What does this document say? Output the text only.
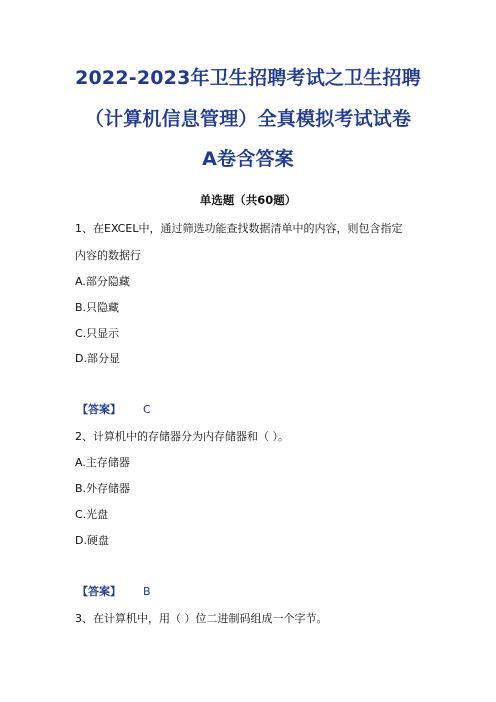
2022-2023年卫生招聘考试之卫生招聘
（计算机信息管理）全真模拟考试试卷
A卷含答案
单选题（共60题）
1、在EXCEL中，通过筛选功能查找数据清单中的内容，则包含指定
内容的数据行
A.部分隐藏
B.只隐藏
C.只显示
D.部分显
【答案】 C
2、计算机中的存储器分为内存储器和（ ）。
A.主存储器
B.外存储器
C.光盘
D.硬盘
【答案】 B
3、在计算机中，用（ ）位二进制码组成一个字节。
